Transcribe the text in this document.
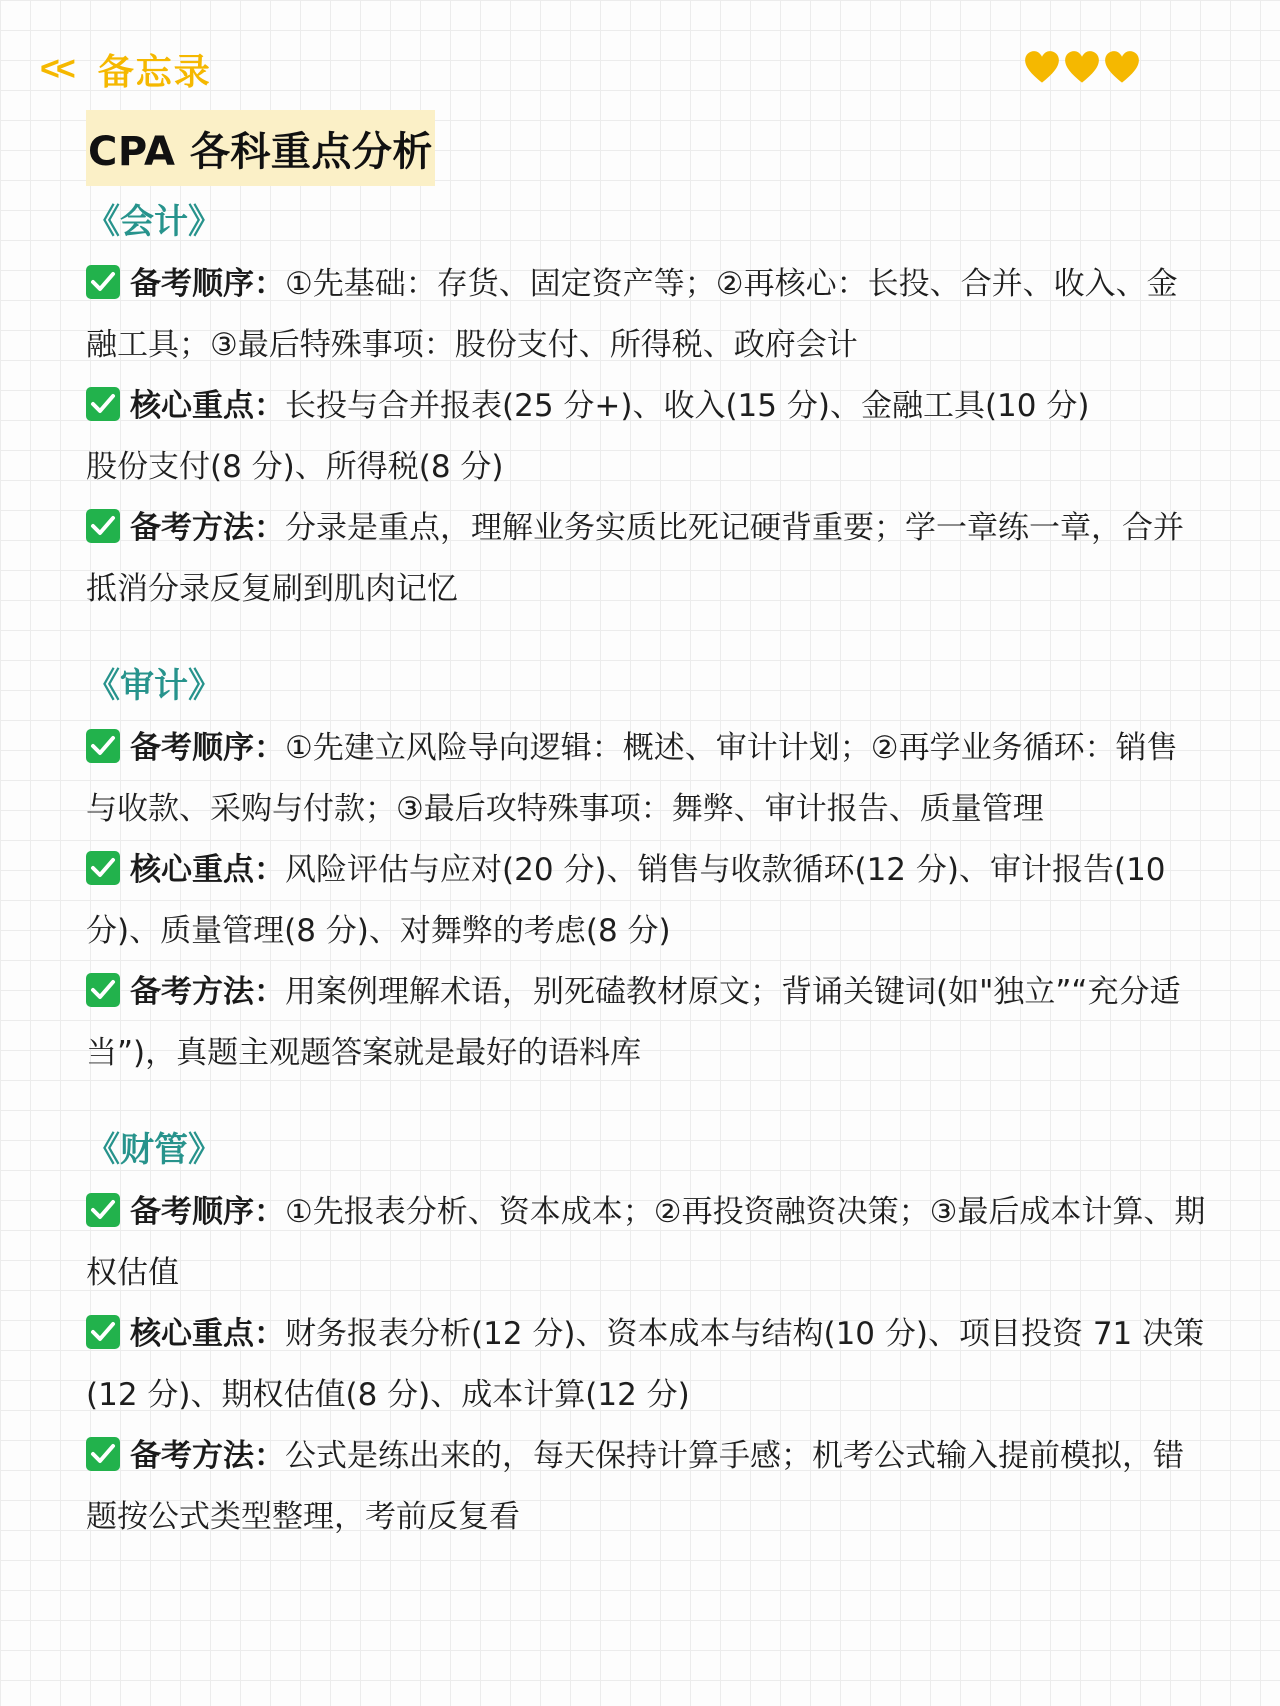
<< 备忘录
CPA 各科重点分析
《会计》

备考顺序：①先基础：存货、固定资产等；②再核心：长投、合并、收入、金融工具；③最后特殊事项：股份支付、所得税、政府会计

核心重点：长投与合并报表(25 分+)、收入(15 分)、金融工具(10 分)
股份支付(8 分)、所得税(8 分)

备考方法：分录是重点，理解业务实质比死记硬背重要；学一章练一章，合并抵消分录反复刷到肌肉记忆

《审计》

备考顺序：①先建立风险导向逻辑：概述、审计计划；②再学业务循环：销售与收款、采购与付款；③最后攻特殊事项：舞弊、审计报告、质量管理

核心重点：风险评估与应对(20 分)、销售与收款循环(12 分)、审计报告(10 分)、质量管理(8 分)、对舞弊的考虑(8 分)

备考方法：用案例理解术语，别死磕教材原文；背诵关键词(如"独立”“充分适当”)，真题主观题答案就是最好的语料库

《财管》

备考顺序：①先报表分析、资本成本；②再投资融资决策；③最后成本计算、期权估值

核心重点：财务报表分析(12 分)、资本成本与结构(10 分)、项目投资 71 决策(12 分)、期权估值(8 分)、成本计算(12 分)

备考方法：公式是练出来的，每天保持计算手感；机考公式输入提前模拟，错题按公式类型整理，考前反复看
